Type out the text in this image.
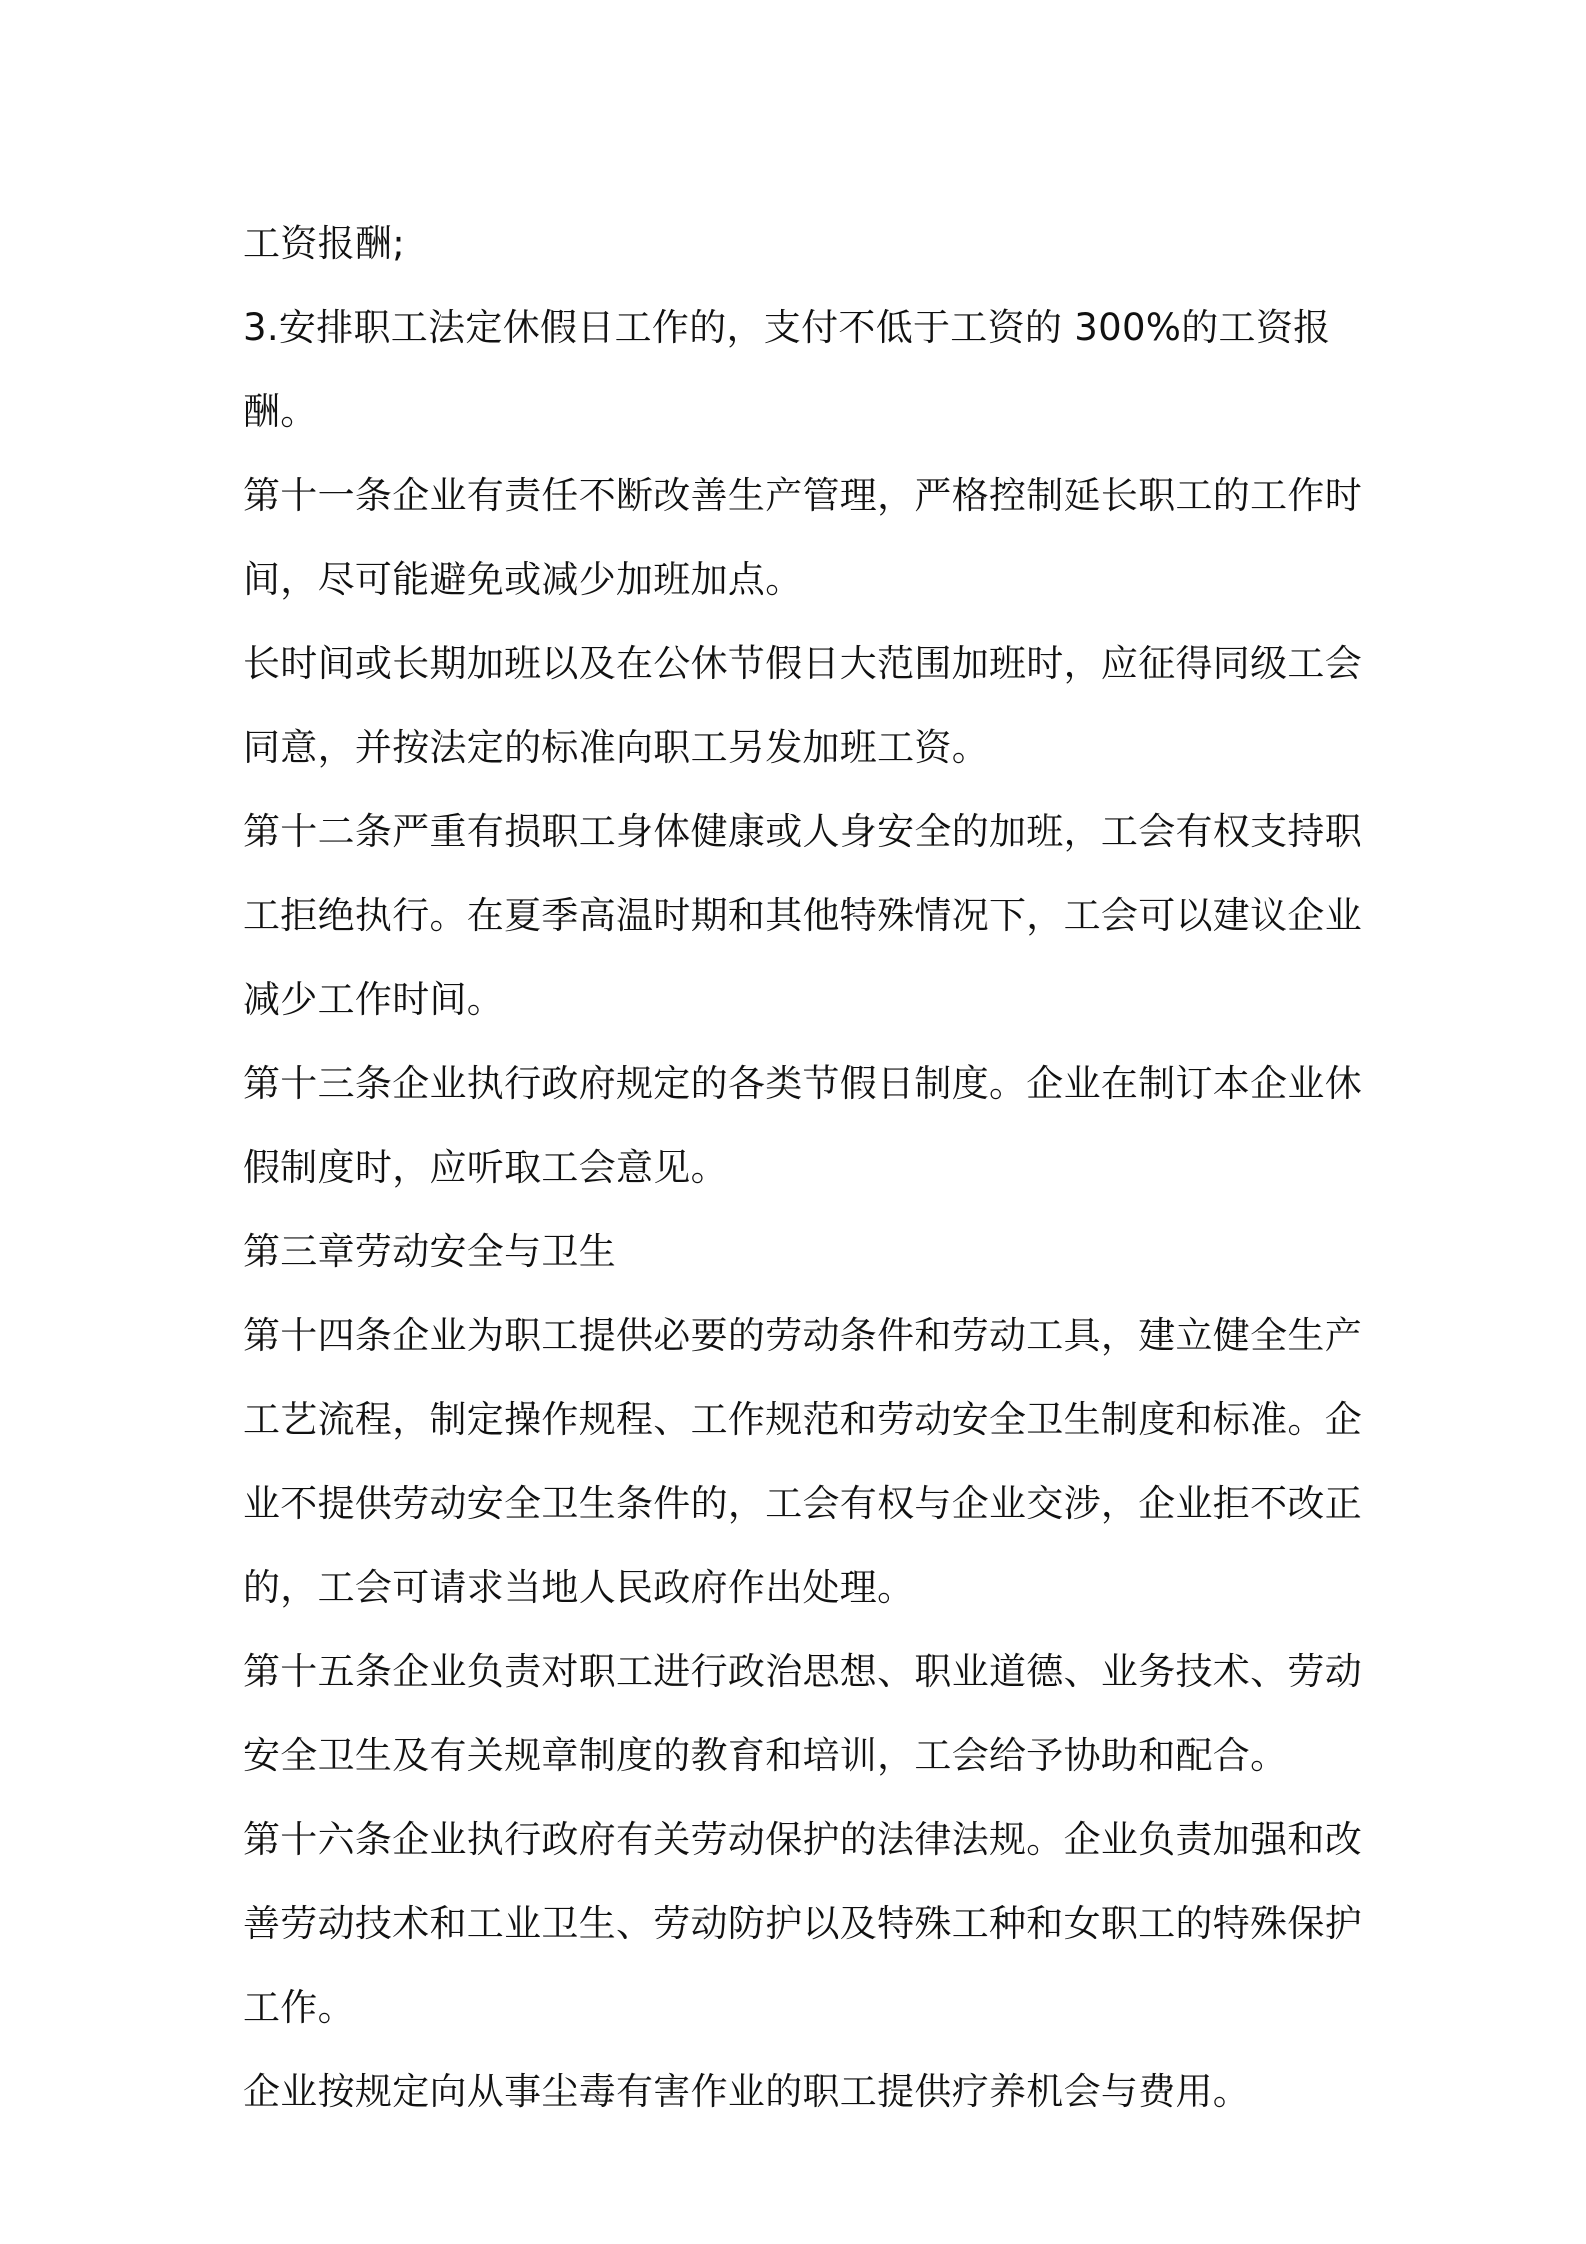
工资报酬;

3.安排职工法定休假日工作的，支付不低于工资的 300%的工资报酬。

第十一条企业有责任不断改善生产管理，严格控制延长职工的工作时间，尽可能避免或减少加班加点。

长时间或长期加班以及在公休节假日大范围加班时，应征得同级工会同意，并按法定的标准向职工另发加班工资。

第十二条严重有损职工身体健康或人身安全的加班，工会有权支持职工拒绝执行。在夏季高温时期和其他特殊情况下，工会可以建议企业减少工作时间。

第十三条企业执行政府规定的各类节假日制度。企业在制订本企业休假制度时，应听取工会意见。

第三章劳动安全与卫生

第十四条企业为职工提供必要的劳动条件和劳动工具，建立健全生产工艺流程，制定操作规程、工作规范和劳动安全卫生制度和标准。企业不提供劳动安全卫生条件的，工会有权与企业交涉，企业拒不改正的，工会可请求当地人民政府作出处理。

第十五条企业负责对职工进行政治思想、职业道德、业务技术、劳动安全卫生及有关规章制度的教育和培训，工会给予协助和配合。

第十六条企业执行政府有关劳动保护的法律法规。企业负责加强和改善劳动技术和工业卫生、劳动防护以及特殊工种和女职工的特殊保护工作。

企业按规定向从事尘毒有害作业的职工提供疗养机会与费用。
